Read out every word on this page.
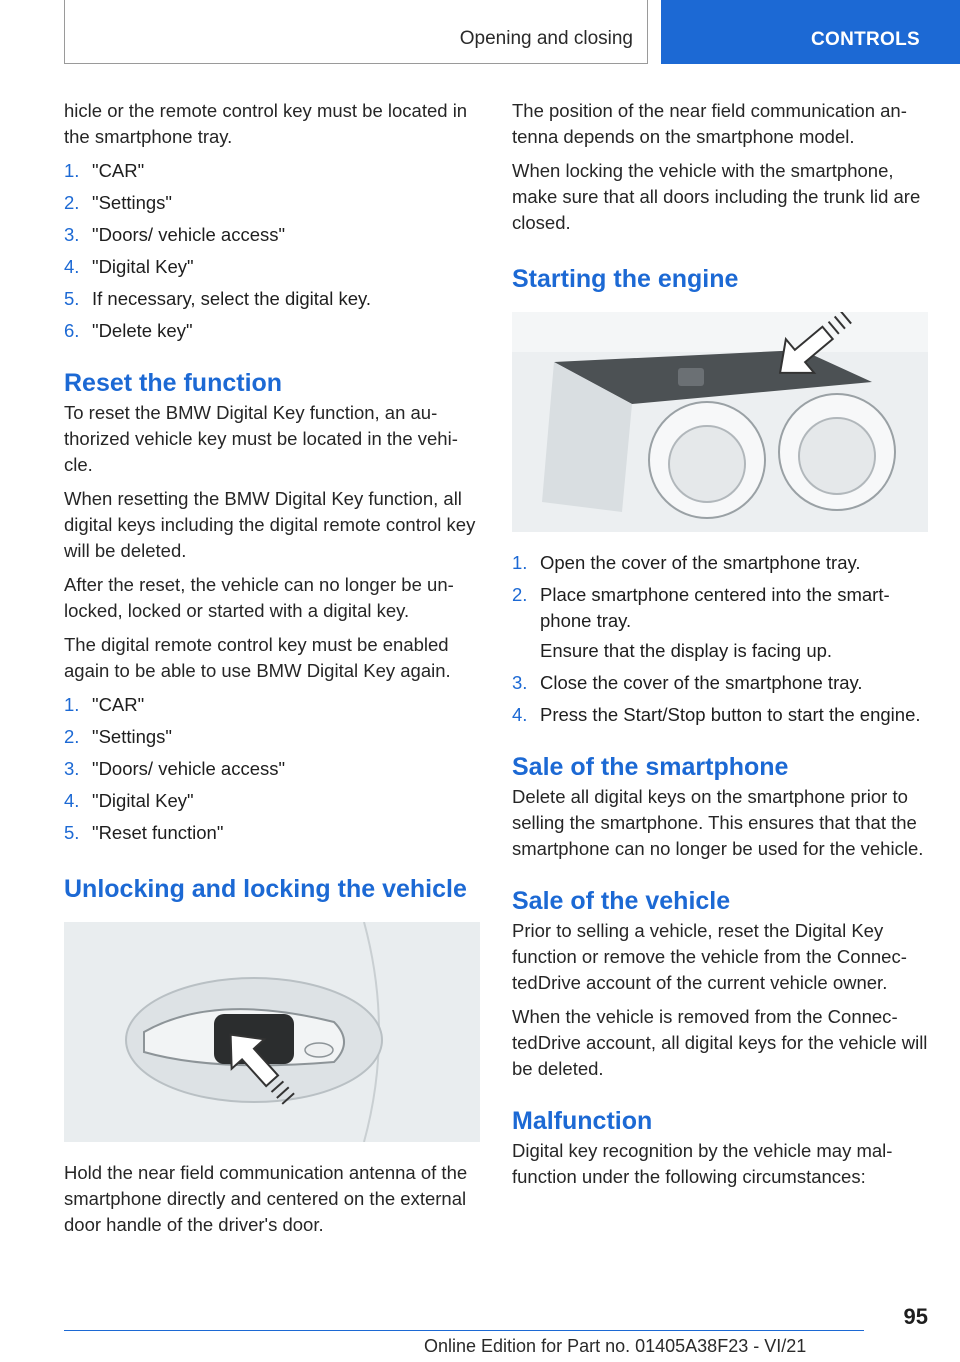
Opening and closing	CONTROLS

hicle or the remote control key must be located in the smartphone tray.

1. "CAR"
2. "Settings"
3. "Doors/ vehicle access"
4. "Digital Key"
5. If necessary, select the digital key.
6. "Delete key"
Reset the function

To reset the BMW Digital Key function, an authorized vehicle key must be located in the vehicle.

When resetting the BMW Digital Key function, all digital keys including the digital remote control key will be deleted.

After the reset, the vehicle can no longer be unlocked, locked or started with a digital key.

The digital remote control key must be enabled again to be able to use BMW Digital Key again.

1. "CAR"
2. "Settings"
3. "Doors/ vehicle access"
4. "Digital Key"
5. "Reset function"
Unlocking and locking the vehicle

Hold the near field communication antenna of the smartphone directly and centered on the external door handle of the driver's door.

The position of the near field communication antenna depends on the smartphone model.

When locking the vehicle with the smartphone, make sure that all doors including the trunk lid are closed.

Starting the engine
1. Open the cover of the smartphone tray.
2. Place smartphone centered into the smartphone tray.
Ensure that the display is facing up.
3. Close the cover of the smartphone tray.
4. Press the Start/Stop button to start the engine.
Sale of the smartphone

Delete all digital keys on the smartphone prior to selling the smartphone. This ensures that that the smartphone can no longer be used for the vehicle.

Sale of the vehicle

Prior to selling a vehicle, reset the Digital Key function or remove the vehicle from the ConnectedDrive account of the current vehicle owner.

When the vehicle is removed from the ConnectedDrive account, all digital keys for the vehicle will be deleted.

Malfunction

Digital key recognition by the vehicle may malfunction under the following circumstances:

95
Online Edition for Part no. 01405A38F23 - VI/21
